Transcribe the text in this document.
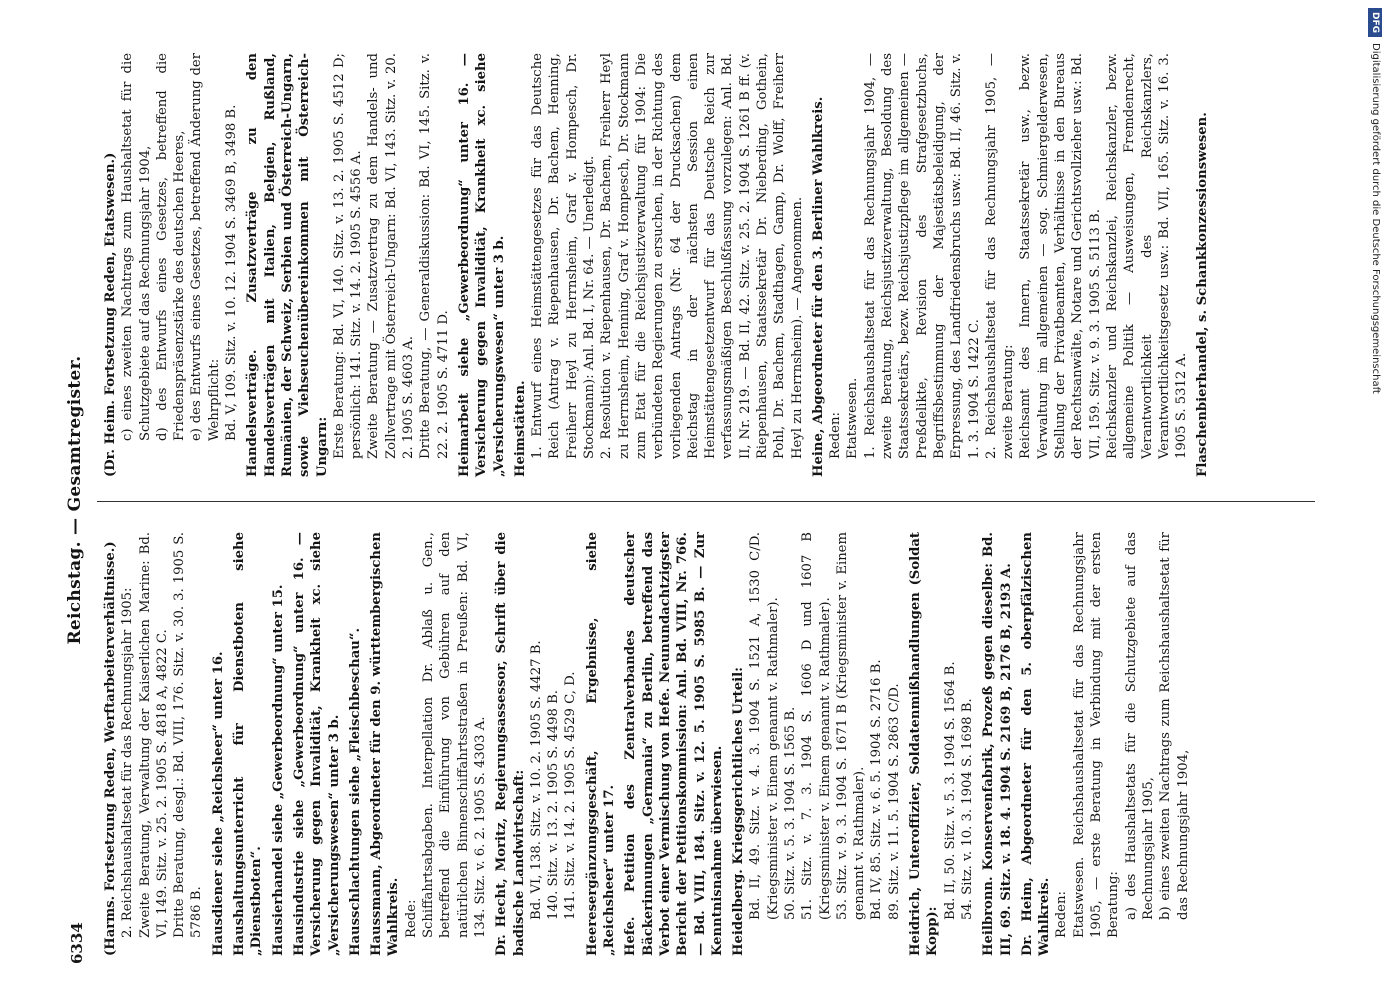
6334
Reichstag. — Gesamtregister.
(Harms. Fortsetzung Reden, Werftarbeiterverhältnisse.) 2. Reichshaushaltsetat für das Rechnungsjahr 1905: Zweite Beratung, Verwaltung der Kaiserlichen Marine: Bd. VI, 149. Sitz. v. 25. 2. 1905 S. 4818 A, 4822 C. Dritte Beratung, desgl.: Bd. VIII, 176. Sitz. v. 30. 3. 1905 S. 5786 B. Hausdiener siehe „Reichsheer“ unter 16. Haushaltungsunterricht für Dienstboten siehe „Dienstboten“. Hausierhandel siehe „Gewerbeordnung“ unter 15. Hausindustrie siehe „Gewerbeordnung“ unter 16. — Versicherung gegen Invalidität, Krankheit xc. siehe „Versicherungswesen“ unter 3 b. Hausschlachtungen siehe „Fleischbeschau“. Haussmann, Abgeordneter für den 9. württembergischen Wahlkreis. Rede: Schiffahrtsabgaben. Interpellation Dr. Ablaß u. Gen., betreffend die Einführung von Gebühren auf den natürlichen Binnenschiffahrtsstraßen in Preußen: Bd. VI, 134. Sitz. v. 6. 2. 1905 S. 4303 A. Dr. Hecht, Moritz, Regierungsassessor, Schrift über die badische Landwirtschaft: Bd. VI, 138. Sitz. v. 10. 2. 1905 S. 4427 B. 140. Sitz. v. 13. 2. 1905 S. 4498 B. 141. Sitz. v. 14. 2. 1905 S. 4529 C, D. Heeresergänzungsgeschäft, Ergebnisse, siehe „Reichsheer“ unter 17. Hefe. Petition des Zentralverbandes deutscher Bäckerinnungen „Germania“ zu Berlin, betreffend das Verbot einer Vermischung von Hefe. Neunundachtzigster Bericht der Petitionskommission: Anl. Bd. VIII, Nr. 766. — Bd. VIII, 184. Sitz. v. 12. 5. 1905 S. 5985 B. — Zur Kenntnisnahme überwiesen. Heidelberg. Kriegsgerichtliches Urteil: Bd. II, 49. Sitz. v. 4. 3. 1904 S. 1521 A, 1530 C/D. (Kriegsminister v. Einem genannt v. Rathmaler). 50. Sitz. v. 5. 3. 1904 S. 1565 B. 51. Sitz. v. 7. 3. 1904 S. 1606 D und 1607 B (Kriegsminister v. Einem genannt v. Rathmaler). 53. Sitz. v. 9. 3. 1904 S. 1671 B (Kriegsminister v. Einem genannt v. Rathmaler). Bd. IV, 85. Sitz. v. 6. 5. 1904 S. 2716 B. 89. Sitz. v. 11. 5. 1904 S. 2863 C/D. Heidrich, Unteroffizier, Soldatenmißhandlungen (Soldat Kopp):
Bd. II, 50. Sitz. v. 5. 3. 1904 S. 1564 B. 54. Sitz. v. 10. 3. 1904 S. 1698 B. Heilbronn. Konservenfabrik, Prozeß gegen dieselbe: Bd. III, 69. Sitz. v. 18. 4. 1904 S. 2169 B, 2176 B, 2193 A. Dr. Heim, Abgeordneter für den 5. oberpfälzischen Wahlkreis. Reden: Etatswesen. Reichshaushaltsetat für das Rechnungsjahr 1905, — erste Beratung in Verbindung mit der ersten Beratung: a) des Haushaltsetats für die Schutzgebiete auf das Rechnungsjahr 1905, b) eines zweiten Nachtrags zum Reichshaushaltsetat für das Rechnungsjahr 1904,
(Dr. Heim. Fortsetzung Reden, Etatswesen.) c) eines zweiten Nachtrags zum Haushaltsetat für die Schutzgebiete auf das Rechnungsjahr 1904, d) des Entwurfs eines Gesetzes, betreffend die Friedenspräsenzstärke des deutschen Heeres, e) des Entwurfs eines Gesetzes, betreffend Änderung der Wehrpflicht: Bd. V, 109. Sitz. v. 10. 12. 1904 S. 3469 B, 3498 B. Handelsverträge. Zusatzverträge zu den Handelsverträgen mit Italien, Belgien, Rußland, Rumänien, der Schweiz, Serbien und Österreich-Ungarn, sowie Viehseuchenübereinkommen mit Österreich-Ungarn: Erste Beratung: Bd. VI, 140. Sitz. v. 13. 2. 1905 S. 4512 D; persönlich: 141. Sitz. v. 14. 2. 1905 S. 4556 A. Zweite Beratung — Zusatzvertrag zu dem Handels- und Zollvertrage mit Österreich-Ungarn: Bd. VI, 143. Sitz. v. 20. 2. 1905 S. 4603 A. Dritte Beratung, — Generaldiskussion: Bd. VI, 145. Sitz. v. 22. 2. 1905 S. 4711 D. Heimarbeit siehe „Gewerbeordnung“ unter 16. — Versicherung gegen Invalidität, Krankheit xc. siehe „Versicherungswesen“ unter 3 b. Heimstätten. 1. Entwurf eines Heimstättengesetzes für das Deutsche Reich (Antrag v. Riepenhausen, Dr. Bachem, Henning, Freiherr Heyl zu Herrnsheim, Graf v. Hompesch, Dr. Stockmann): Anl. Bd. I, Nr. 64. — Unerledigt. 2. Resolution v. Riepenhausen, Dr. Bachem, Freiherr Heyl zu Herrnsheim, Henning, Graf v. Hompesch, Dr. Stockmann zum Etat für die Reichsjustizverwaltung für 1904: Die verbündeten Regierungen zu ersuchen, in der Richtung des vorliegenden Antrags (Nr. 64 der Drucksachen) dem Reichstag in der nächsten Session einen Heimstättengesetzentwurf für das Deutsche Reich zur verfassungsmäßigen Beschlußfassung vorzulegen: Anl. Bd. II, Nr. 219. — Bd. II, 42. Sitz. v. 25. 2. 1904 S. 1261 B ff. (v. Riepenhausen, Staatssekretär Dr. Nieberding, Gothein, Pohl, Dr. Bachem, Stadthagen, Gamp, Dr. Wolff, Freiherr Heyl zu Herrnsheim). — Angenommen. Heine, Abgeordneter für den 3. Berliner Wahlkreis. Reden: Etatswesen. 1. Reichshaushaltsetat für das Rechnungsjahr 1904, — zweite Beratung, Reichsjustizverwaltung, Besoldung des Staatssekretärs, bezw. Reichsjustizpflege im allgemeinen — Preßdelikte, Revision des Strafgesetzbuchs, Begriffsbestimmung der Majestätsbeleidigung, der Erpressung, des Landfriedensbruchs usw.: Bd. II, 46. Sitz. v. 1. 3. 1904 S. 1422 C. 2. Reichshaushaltsetat für das Rechnungsjahr 1905, — zweite Beratung: Reichsamt des Innern, Staatssekretär usw., bezw. Verwaltung im allgemeinen — sog. Schmiergelderwesen, Stellung der Privatbeamten, Verhältnisse in den Bureaus der Rechtsanwälte, Notare und Gerichtsvollzieher usw.: Bd. VII, 159. Sitz. v. 9. 3. 1905 S. 5113 B. Reichskanzler und Reichskanzlei, Reichskanzler, bezw. allgemeine Politik — Ausweisungen, Fremdenrecht, Verantwortlichkeit des Reichskanzlers, Verantwortlichkeitsgesetz usw.: Bd. VII, 165. Sitz. v. 16. 3. 1905 S. 5312 A. Flaschenbierhandel, s. Schankkonzessionswesen.
DFGDigitalisierung gefördert durch die Deutsche Forschungsgemeinschaft
